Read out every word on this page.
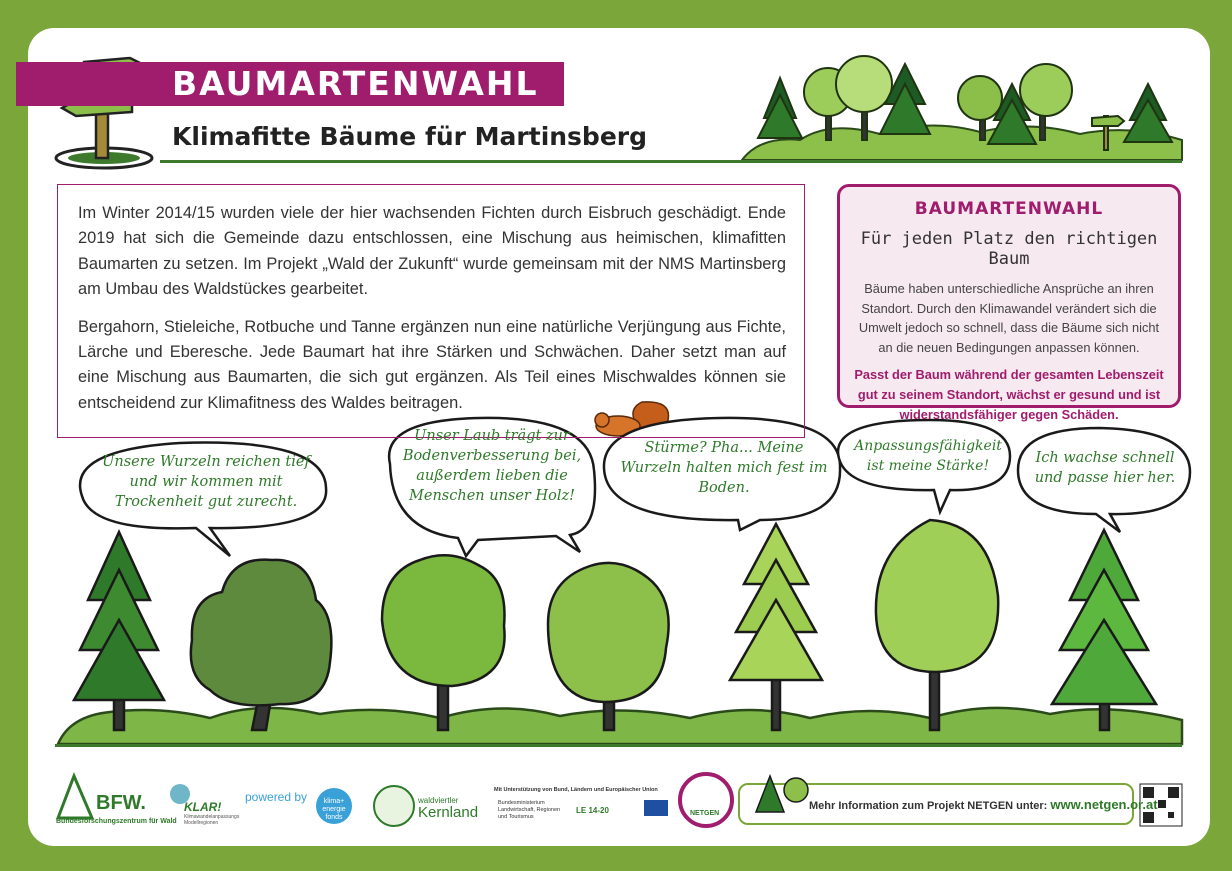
BAUMARTENWAHL
Klimafitte Bäume für Martinsberg

Im Winter 2014/15 wurden viele der hier wachsenden Fichten durch Eisbruch geschädigt. Ende 2019 hat sich die Gemeinde dazu entschlossen, eine Mischung aus heimischen, klimafitten Baumarten zu setzen. Im Projekt „Wald der Zukunft“ wurde gemeinsam mit der NMS Martinsberg am Umbau des Waldstückes gearbeitet.

Bergahorn, Stieleiche, Rotbuche und Tanne ergänzen nun eine natürliche Verjüngung aus Fichte, Lärche und Eberesche. Jede Baumart hat ihre Stärken und Schwächen. Daher setzt man auf eine Mischung aus Baumarten, die sich gut ergänzen. Als Teil eines Mischwaldes können sie entscheidend zur Klimafitness des Waldes beitragen.

BAUMARTENWAHL
Für jeden Platz den richtigen Baum
Bäume haben unterschiedliche Ansprüche an ihren Standort. Durch den Klimawandel verändert sich die Umwelt jedoch so schnell, dass die Bäume sich nicht an die neuen Bedingungen anpassen können.
Passt der Baum während der gesamten Lebenszeit gut zu seinem Standort, wächst er gesund und ist widerstandsfähiger gegen Schäden.
Unsere Wurzeln reichen tief und wir kommen mit Trockenheit gut zurecht.
Unser Laub trägt zur Bodenverbesserung bei, außerdem lieben die Menschen unser Holz!
Stürme? Pha... Meine Wurzeln halten mich fest im Boden.
Anpassungsfähigkeit ist meine Stärke!	Ich wachse schnell und passe hier her.
BFW.
Bundesforschungszentrum für Wald
KLAR!
Klimawandelanpassungs Modellregionen
powered by	klima+ energie fonds
waldviertler
Kernland
Mit Unterstützung von Bund, Ländern und Europäischer Union
Bundesministerium Landwirtschaft, Regionen und Tourismus
LE 14-20	NETGEN
Mehr Information zum Projekt NETGEN unter: www.netgen.or.at
